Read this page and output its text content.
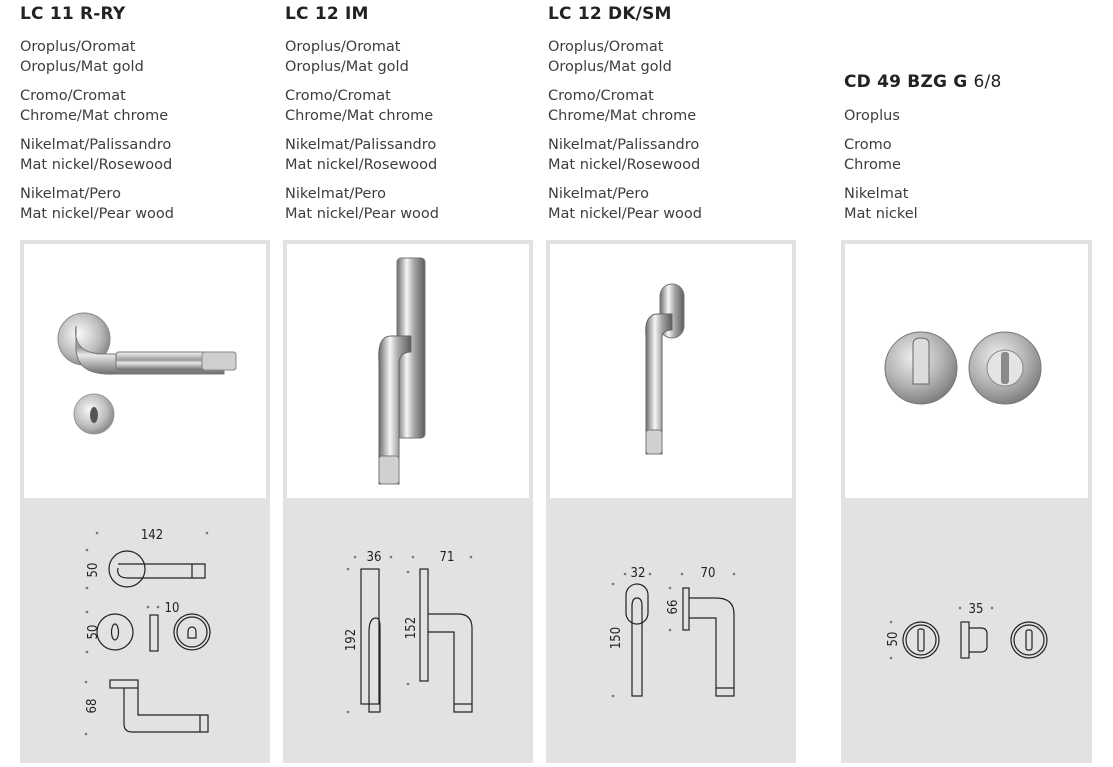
LC 11 R-RY
Oroplus/Oromat
Oroplus/Mat gold
Cromo/Cromat
Chrome/Mat chrome
Nikelmat/Palissandro
Mat nickel/Rosewood
Nikelmat/Pero
Mat nickel/Pear wood
142
50
50
10
68
LC 12 IM
Oroplus/Oromat
Oroplus/Mat gold
Cromo/Cromat
Chrome/Mat chrome
Nikelmat/Palissandro
Mat nickel/Rosewood
Nikelmat/Pero
Mat nickel/Pear wood
36	71
192
152
LC 12 DK/SM
Oroplus/Oromat
Oroplus/Mat gold
Cromo/Cromat
Chrome/Mat chrome
Nikelmat/Palissandro
Mat nickel/Rosewood
Nikelmat/Pero
Mat nickel/Pear wood
32	70
150
66
CD 49 BZG G 6/8
Oroplus
Cromo
Chrome
Nikelmat
Mat nickel
35
50
